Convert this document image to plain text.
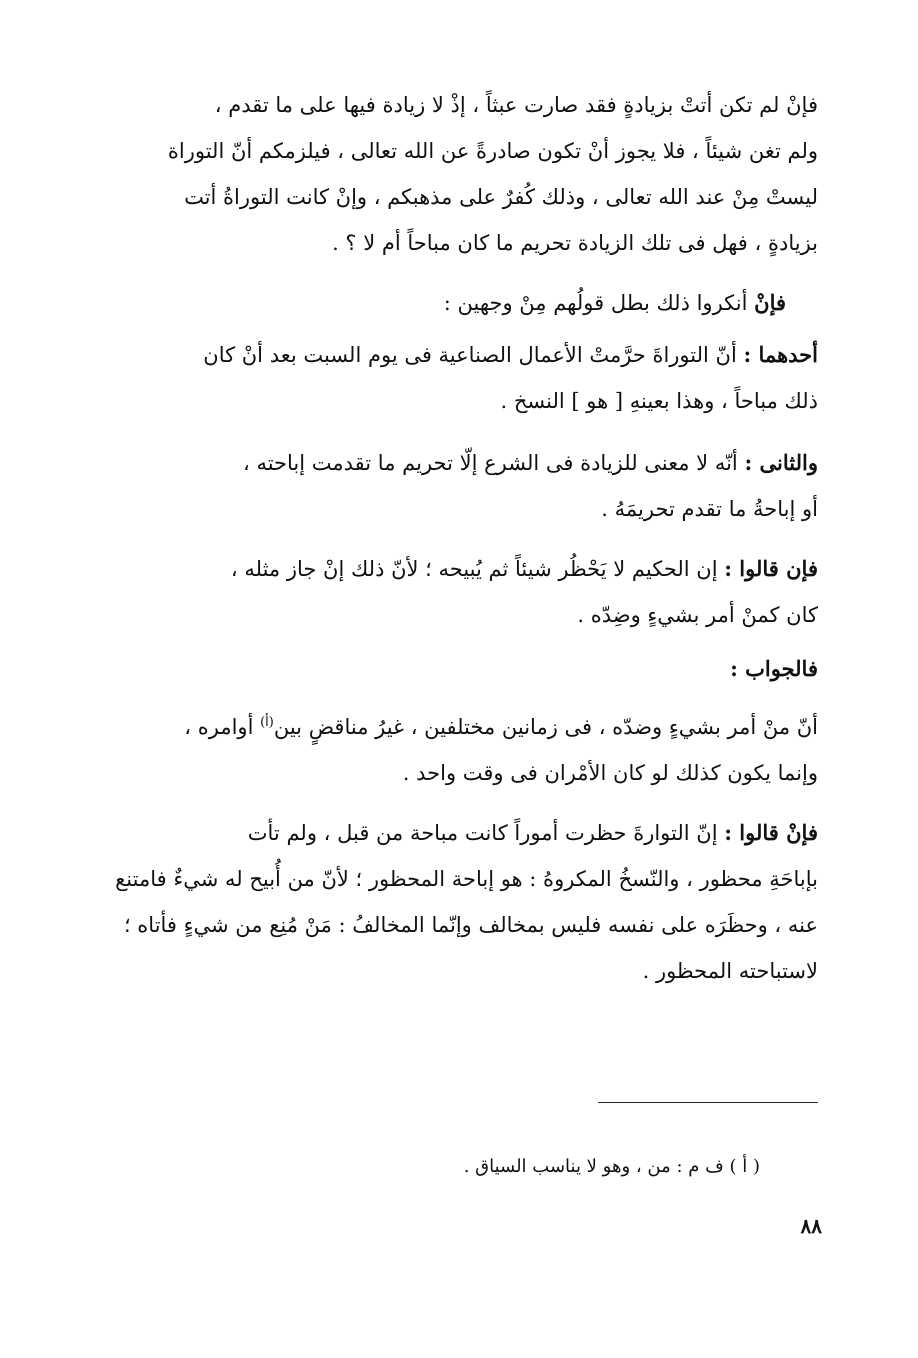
فإنْ لم تكن أتتْ بزيادةٍ فقد صارت عبثاً ، إذْ لا زيادة فيها على ما تقدم ،
ولم تغن شيئاً ، فلا يجوز أنْ تكون صادرةً عن الله تعالى ، فيلزمكم أنّ التوراة
ليستْ مِنْ عند الله تعالى ، وذلك كُفرٌ على مذهبكم ، وإنْ كانت التوراةُ أتت
بزيادةٍ ، فهل فى تلك الزيادة تحريم ما كان مباحاً أم لا ؟ .
فإنْ أنكروا ذلك بطل قولُهم مِنْ وجهين :
أحدهما : أنّ التوراةَ حرَّمتْ الأعمال الصناعية فى يوم السبت بعد أنْ كان
ذلك مباحاً ، وهذا بعينهِ [ هو ] النسخ .
والثانى : أنّه لا معنى للزيادة فى الشرع إلّا تحريم ما تقدمت إباحته ،
أو إباحةُ ما تقدم تحريمَهُ .
فإن قالوا : إن الحكيم لا يَحْظُر شيئاً ثم يُبيحه ؛ لأنّ ذلك إنْ جاز مثله ،
كان كمنْ أمر بشيءٍ وضِدّه .
فالجواب :
أنّ منْ أمر بشيءٍ وضدّه ، فى زمانين مختلفين ، غيرُ مناقضٍ بين$^{(أ)}$ أوامره ،
وإنما يكون كذلك لو كان الأمْران فى وقت واحد .
فإنْ قالوا : إنّ التوارةَ حظرت أموراً كانت مباحة من قبل ، ولم تأت
بإباحَةِ محظور ، والنّسخُ المكروهُ : هو إباحة المحظور ؛ لأنّ من أُبيح له شيءٌ فامتنع
عنه ، وحظَرَه على نفسه فليس بمخالف وإنّما المخالفُ : مَنْ مُنِع من شيءٍ فأتاه ؛
لاستباحته المحظور .
( أ ) ف م : من ، وهو لا يناسب السياق .
٨٨
